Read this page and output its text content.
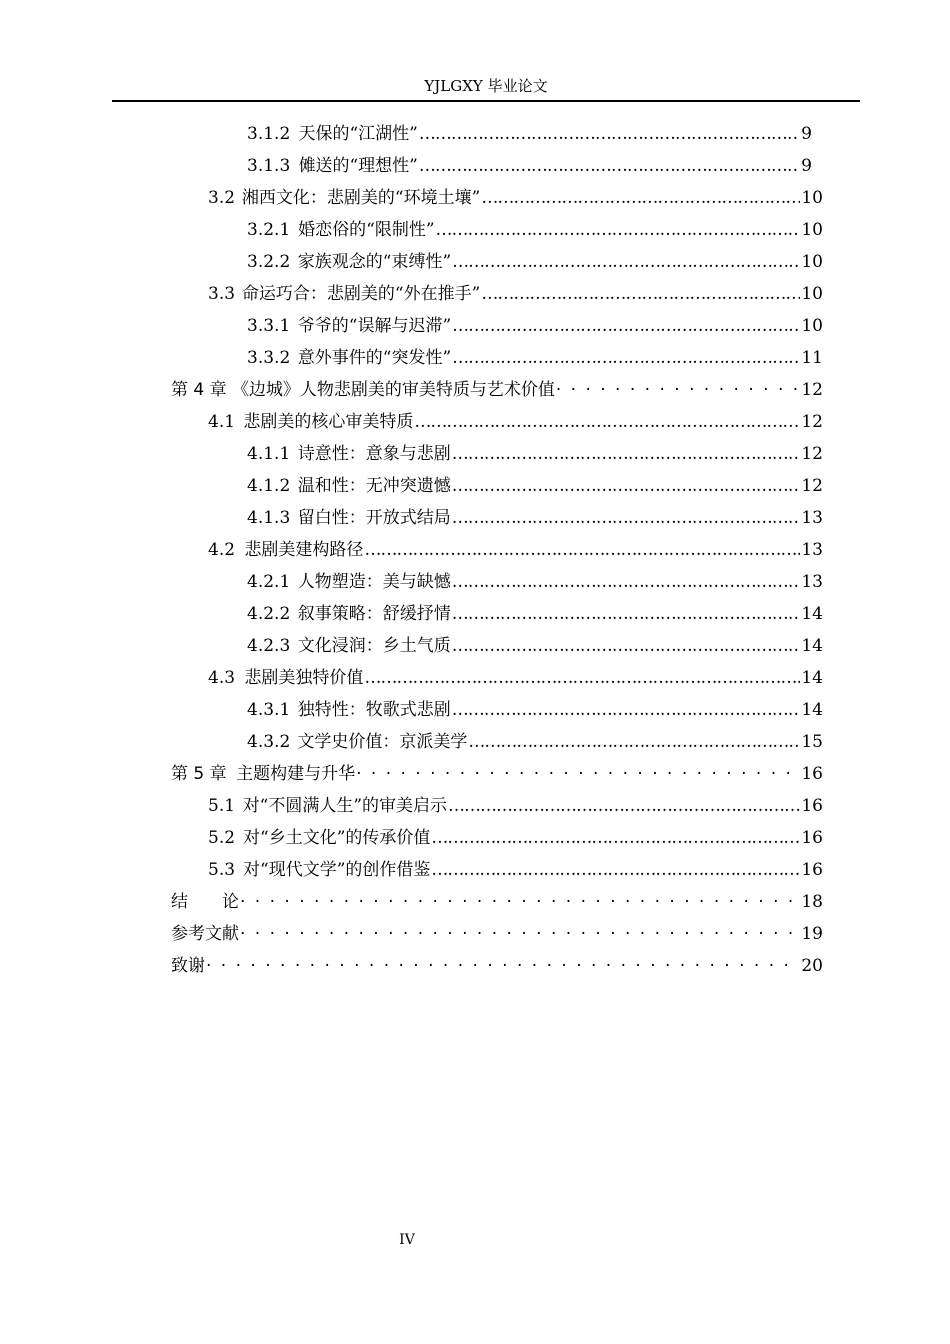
YJLGXY 毕业论文
3.1.2 天保的“江湖性” …………………………………………………………………………………………………………………………………………………………	9
3.1.3 傩送的“理想性” …………………………………………………………………………………………………………………………………………………………	9
3.2 湘西文化：悲剧美的“环境土壤” …………………………………………………………………………………………………………………………………………………………	10
3.2.1 婚恋俗的“限制性” …………………………………………………………………………………………………………………………………………………………	10
3.2.2 家族观念的“束缚性” …………………………………………………………………………………………………………………………………………………………	10
3.3 命运巧合：悲剧美的“外在推手” …………………………………………………………………………………………………………………………………………………………	10
3.3.1 爷爷的“误解与迟滞” …………………………………………………………………………………………………………………………………………………………	10
3.3.2 意外事件的“突发性” …………………………………………………………………………………………………………………………………………………………	11
第 4 章 《边城》人物悲剧美的审美特质与艺术价值 · · ·	12
4.1 悲剧美的核心审美特质 …………………………………………………………………………………………………………………………………………………………	12
4.1.1 诗意性：意象与悲剧 …………………………………………………………………………………………………………………………………………………………	12
4.1.2 温和性：无冲突遗憾 …………………………………………………………………………………………………………………………………………………………	12
4.1.3 留白性：开放式结局 …………………………………………………………………………………………………………………………………………………………	13
4.2 悲剧美建构路径 …………………………………………………………………………………………………………………………………………………………	13
4.2.1 人物塑造：美与缺憾 …………………………………………………………………………………………………………………………………………………………	13
4.2.2 叙事策略：舒缓抒情 …………………………………………………………………………………………………………………………………………………………	14
4.2.3 文化浸润：乡土气质 …………………………………………………………………………………………………………………………………………………………	14
4.3 悲剧美独特价值 …………………………………………………………………………………………………………………………………………………………	14
4.3.1 独特性：牧歌式悲剧 …………………………………………………………………………………………………………………………………………………………	14
4.3.2 文学史价值：京派美学 …………………………………………………………………………………………………………………………………………………………	15
第 5 章 主题构建与升华 · · ·	16
5.1 对“不圆满人生”的审美启示 …………………………………………………………………………………………………………………………………………………………	16
5.2 对“乡土文化”的传承价值 …………………………………………………………………………………………………………………………………………………………	16
5.3 对“现代文学”的创作借鉴 …………………………………………………………………………………………………………………………………………………………	16
结　　论 · · ·	18
参考文献 · · ·	19
致谢 · · ·	20
IV
